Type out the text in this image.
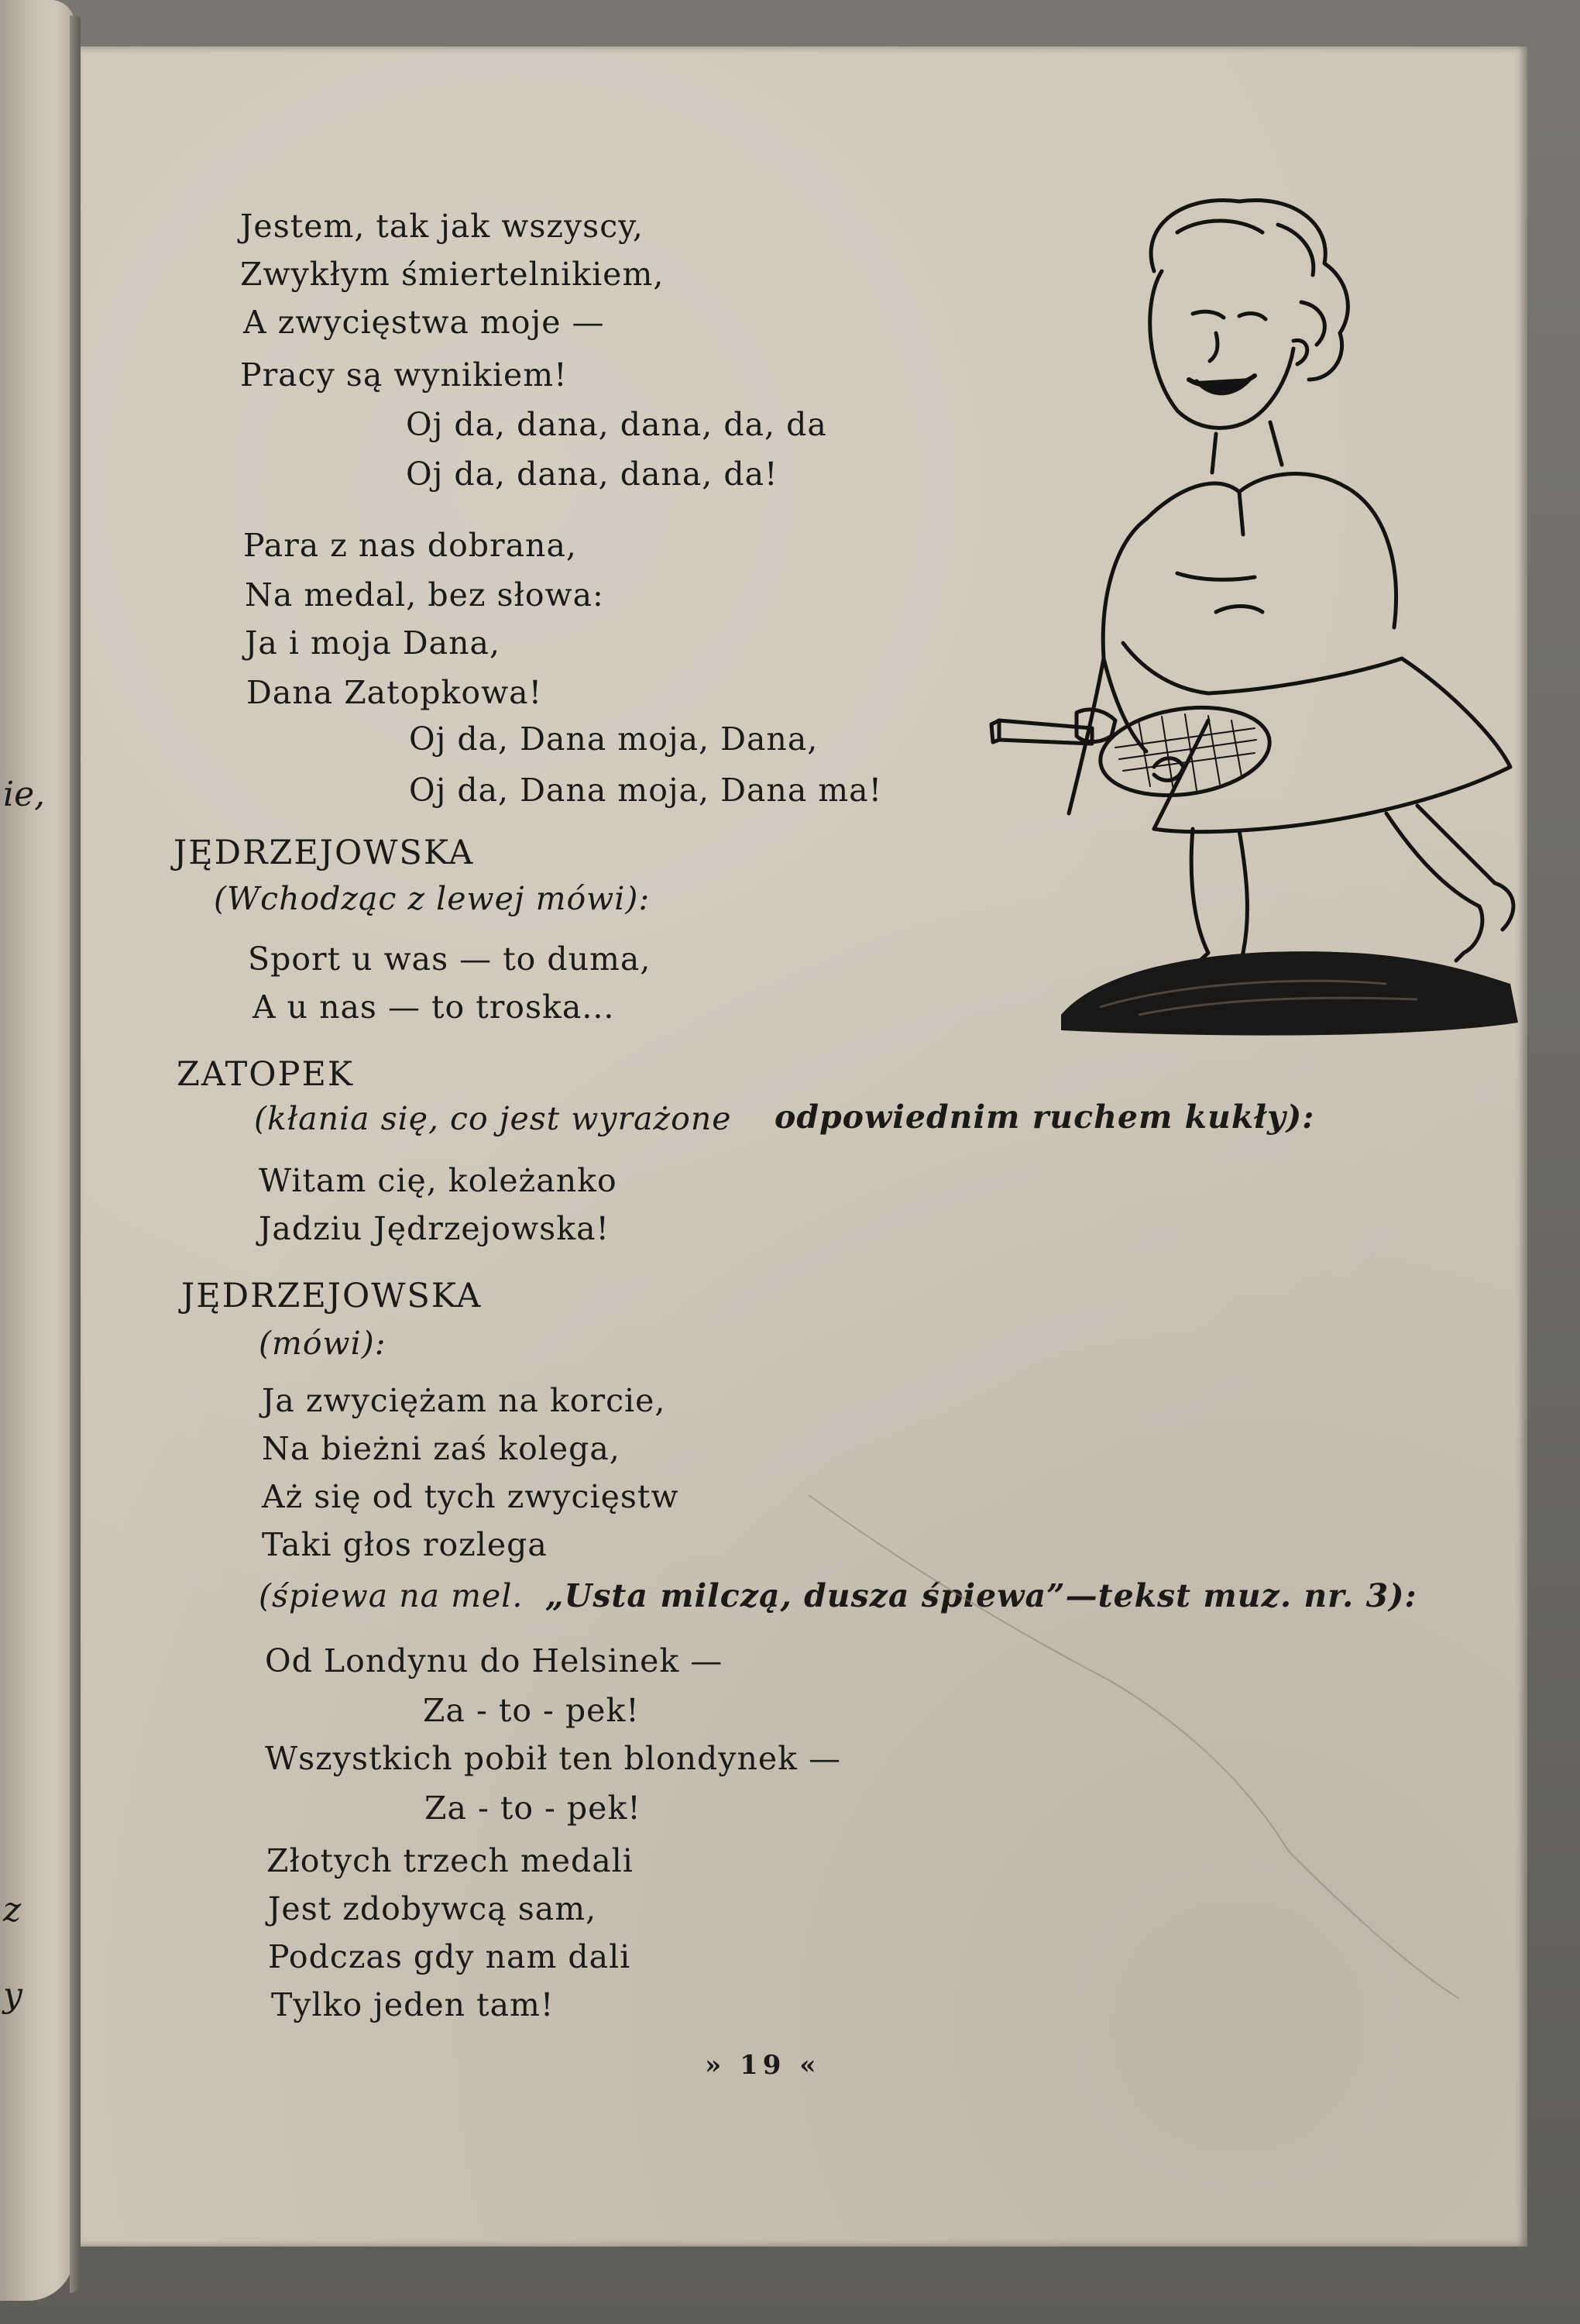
ie,
z
y
Jestem, tak jak wszyscy,
Zwykłym śmiertelnikiem,
A zwycięstwa moje —
Pracy są wynikiem!
Oj da, dana, dana, da, da
Oj da, dana, dana, da!
Para z nas dobrana,
Na medal, bez słowa:
Ja i moja Dana,
Dana Zatopkowa!
Oj da, Dana moja, Dana,
Oj da, Dana moja, Dana ma!
JĘDRZEJOWSKA
(Wchodząc z lewej mówi):
Sport u was — to duma,
A u nas — to troska...
ZATOPEK
(kłania się, co jest wyrażone odpowiednim ruchem kukły):
Witam cię, koleżanko
Jadziu Jędrzejowska!
JĘDRZEJOWSKA
(mówi):
Ja zwyciężam na korcie,
Na bieżni zaś kolega,
Aż się od tych zwycięstw
Taki głos rozlega
(śpiewa na mel. „Usta milczą, dusza śpiewa”—tekst muz. nr. 3):
Od Londynu do Helsinek —
Za - to - pek!
Wszystkich pobił ten blondynek —
Za - to - pek!
Złotych trzech medali
Jest zdobywcą sam,
Podczas gdy nam dali
Tylko jeden tam!
» 19 «
